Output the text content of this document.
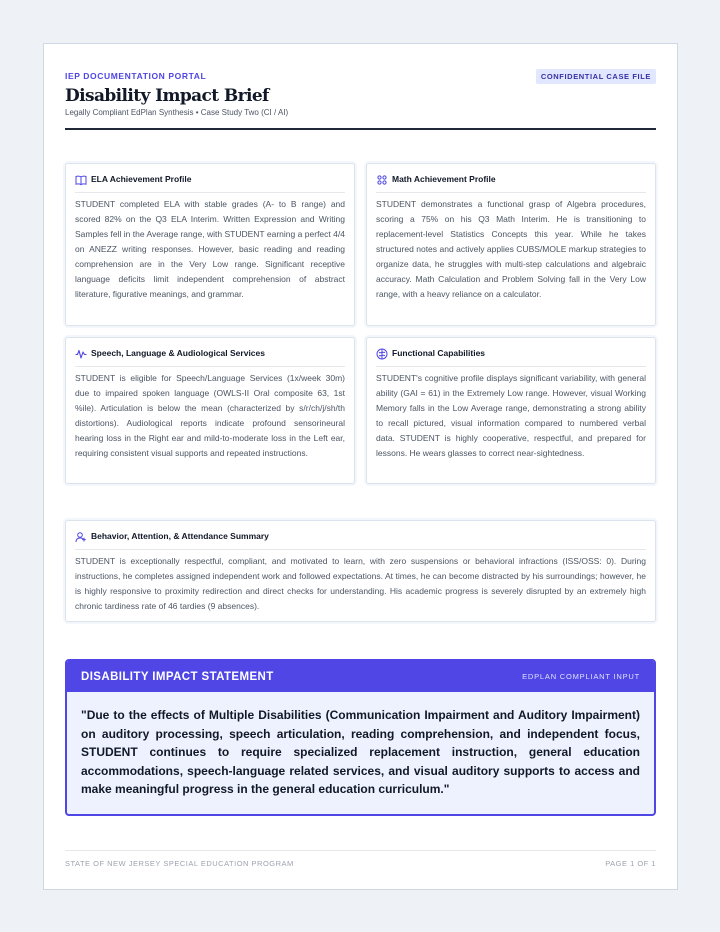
IEP DOCUMENTATION PORTAL	CONFIDENTIAL CASE FILE
Disability Impact Brief
Legally Compliant EdPlan Synthesis • Case Study Two (CI / AI)
ELA Achievement Profile
STUDENT completed ELA with stable grades (A- to B range) and scored 82% on the Q3 ELA Interim. Written Expression and Writing Samples fell in the Average range, with STUDENT earning a perfect 4/4 on ANEZZ writing responses. However, basic reading and reading comprehension are in the Very Low range. Significant receptive language deficits limit independent comprehension of abstract literature, figurative meanings, and grammar.
Math Achievement Profile
STUDENT demonstrates a functional grasp of Algebra procedures, scoring a 75% on his Q3 Math Interim. He is transitioning to replacement-level Statistics Concepts this year. While he takes structured notes and actively applies CUBS/MOLE markup strategies to organize data, he struggles with multi-step calculations and algebraic accuracy. Math Calculation and Problem Solving fall in the Very Low range, with a heavy reliance on a calculator.
Speech, Language & Audiological Services
STUDENT is eligible for Speech/Language Services (1x/week 30m) due to impaired spoken language (OWLS-II Oral composite 63, 1st %ile). Articulation is below the mean (characterized by s/r/ch/j/sh/th distortions). Audiological reports indicate profound sensorineural hearing loss in the Right ear and mild-to-moderate loss in the Left ear, requiring consistent visual supports and repeated instructions.
Functional Capabilities
STUDENT's cognitive profile displays significant variability, with general ability (GAI = 61) in the Extremely Low range. However, visual Working Memory falls in the Low Average range, demonstrating a strong ability to recall pictured, visual information compared to numbered verbal data. STUDENT is highly cooperative, respectful, and prepared for lessons. He wears glasses to correct near-sightedness.
Behavior, Attention, & Attendance Summary
STUDENT is exceptionally respectful, compliant, and motivated to learn, with zero suspensions or behavioral infractions (ISS/OSS: 0). During instructions, he completes assigned independent work and followed expectations. At times, he can become distracted by his surroundings; however, he is highly responsive to proximity redirection and direct checks for understanding. His academic progress is severely disrupted by an extremely high chronic tardiness rate of 46 tardies (9 absences).
DISABILITY IMPACT STATEMENT	EDPLAN COMPLIANT INPUT
"Due to the effects of Multiple Disabilities (Communication Impairment and Auditory Impairment) on auditory processing, speech articulation, reading comprehension, and independent focus, STUDENT continues to require specialized replacement instruction, general education accommodations, speech-language related services, and visual auditory supports to access and make meaningful progress in the general education curriculum."
STATE OF NEW JERSEY SPECIAL EDUCATION PROGRAM	PAGE 1 OF 1
